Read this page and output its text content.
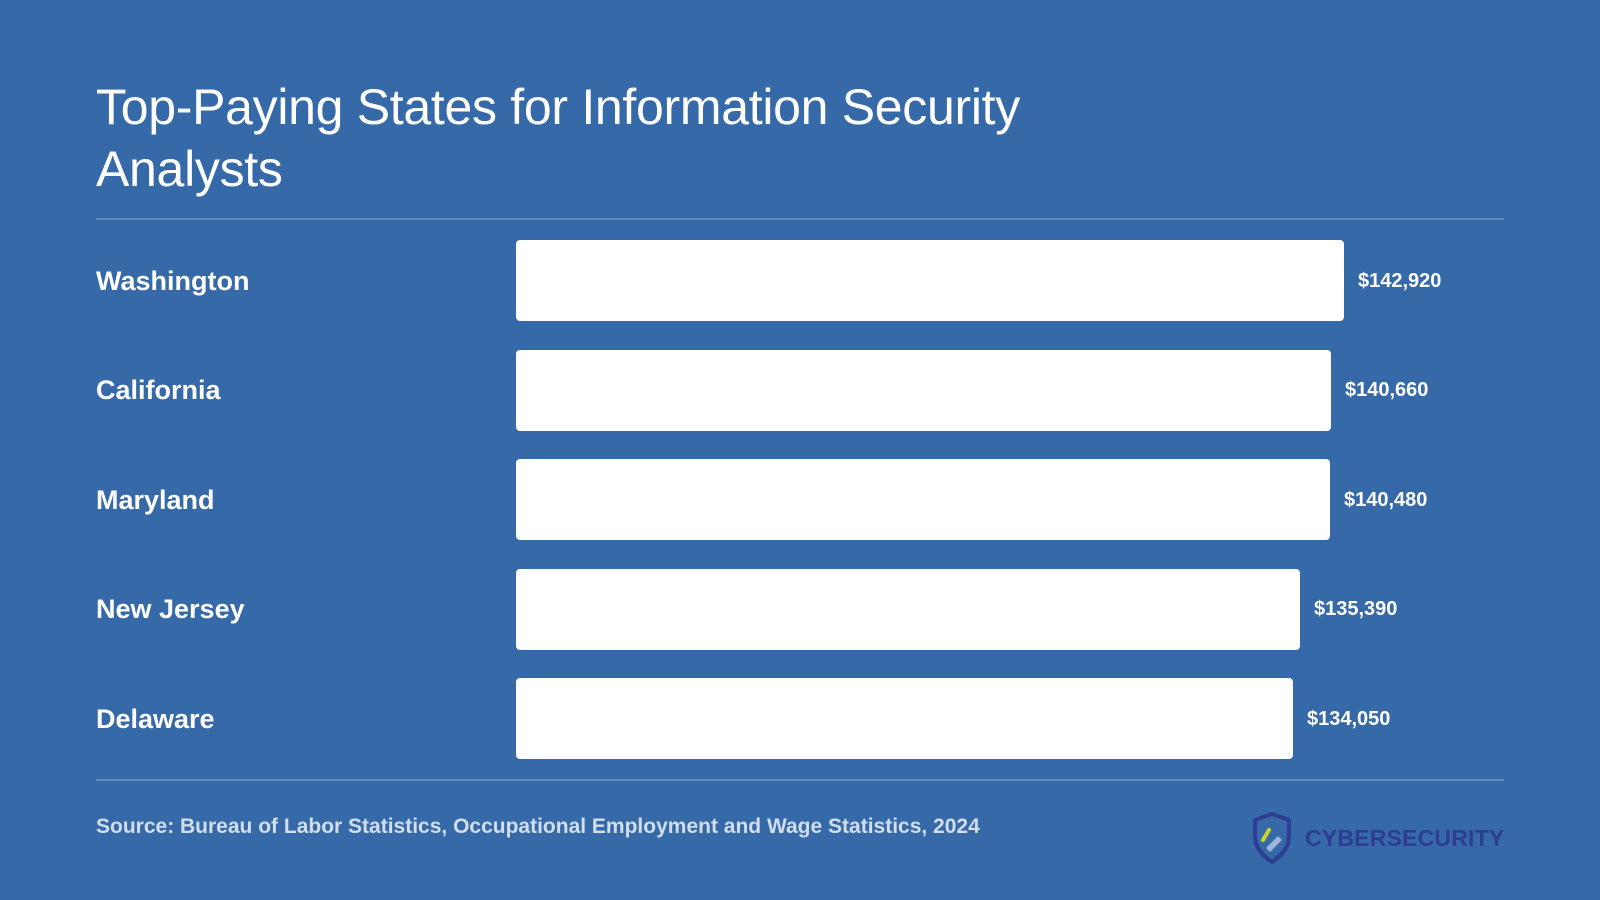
Top-Paying States for Information Security Analysts
Washington	$142,920
California	$140,660
Maryland	$140,480
New Jersey	$135,390
Delaware	$134,050
Source: Bureau of Labor Statistics, Occupational Employment and Wage Statistics, 2024	CYBERSECURITY
